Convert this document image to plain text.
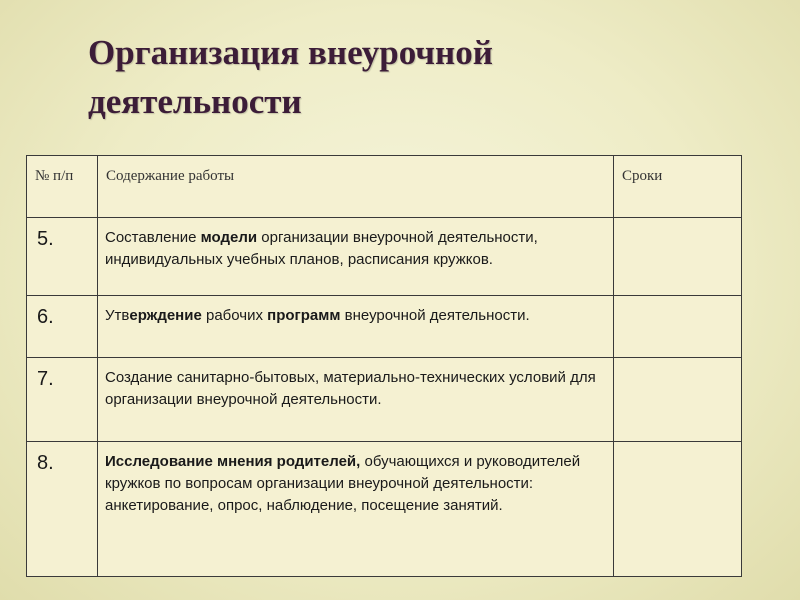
Организация внеурочной
деятельности
№ п/п	Содержание работы	Сроки

5.	Составление модели организации внеурочной деятельности, индивидуальных учебных планов, расписания кружков.	

6.	Утверждение рабочих программ внеурочной деятельности.	

7.	Создание санитарно-бытовых, материально-технических условий для организации внеурочной деятельности.	

8.	Исследование мнения родителей, обучающихся и руководителей кружков по вопросам организации внеурочной деятельности: анкетирование, опрос, наблюдение, посещение занятий.	
